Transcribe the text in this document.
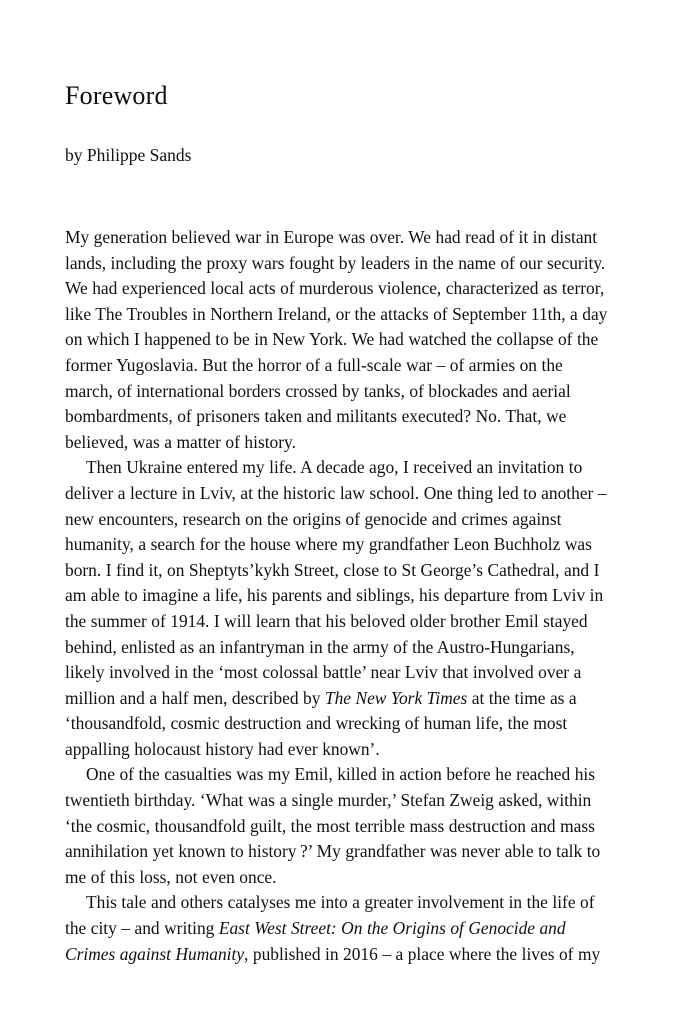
Foreword

by Philippe Sands

My generation believed war in Europe was over. We had read of it in distant lands, including the proxy wars fought by leaders in the name of our security. We had experienced local acts of murderous violence, characterized as terror, like The Troubles in Northern Ireland, or the attacks of September 11th, a day on which I happened to be in New York. We had watched the collapse of the former Yugoslavia. But the horror of a full-scale war – of armies on the march, of international borders crossed by tanks, of blockades and aerial bombardments, of prisoners taken and militants executed? No. That, we believed, was a matter of history.

Then Ukraine entered my life. A decade ago, I received an invitation to deliver a lecture in Lviv, at the historic law school. One thing led to another – new encounters, research on the origins of genocide and crimes against humanity, a search for the house where my grandfather Leon Buchholz was born. I find it, on Sheptyts’kykh Street, close to St George’s Cathedral, and I am able to imagine a life, his parents and siblings, his departure from Lviv in the summer of 1914. I will learn that his beloved older brother Emil stayed behind, enlisted as an infantryman in the army of the Austro-Hungarians, likely involved in the ‘most colossal battle’ near Lviv that involved over a million and a half men, described by The New York Times at the time as a ‘thousandfold, cosmic destruction and wrecking of human life, the most appalling holocaust history had ever known’.

One of the casualties was my Emil, killed in action before he reached his twentieth birthday. ‘What was a single murder,’ Stefan Zweig asked, within ‘the cosmic, thousandfold guilt, the most terrible mass destruction and mass annihilation yet known to history ?’ My grandfather was never able to talk to me of this loss, not even once.

This tale and others catalyses me into a greater involvement in the life of the city – and writing East West Street: On the Origins of Genocide and Crimes against Humanity, published in 2016 – a place where the lives of my
